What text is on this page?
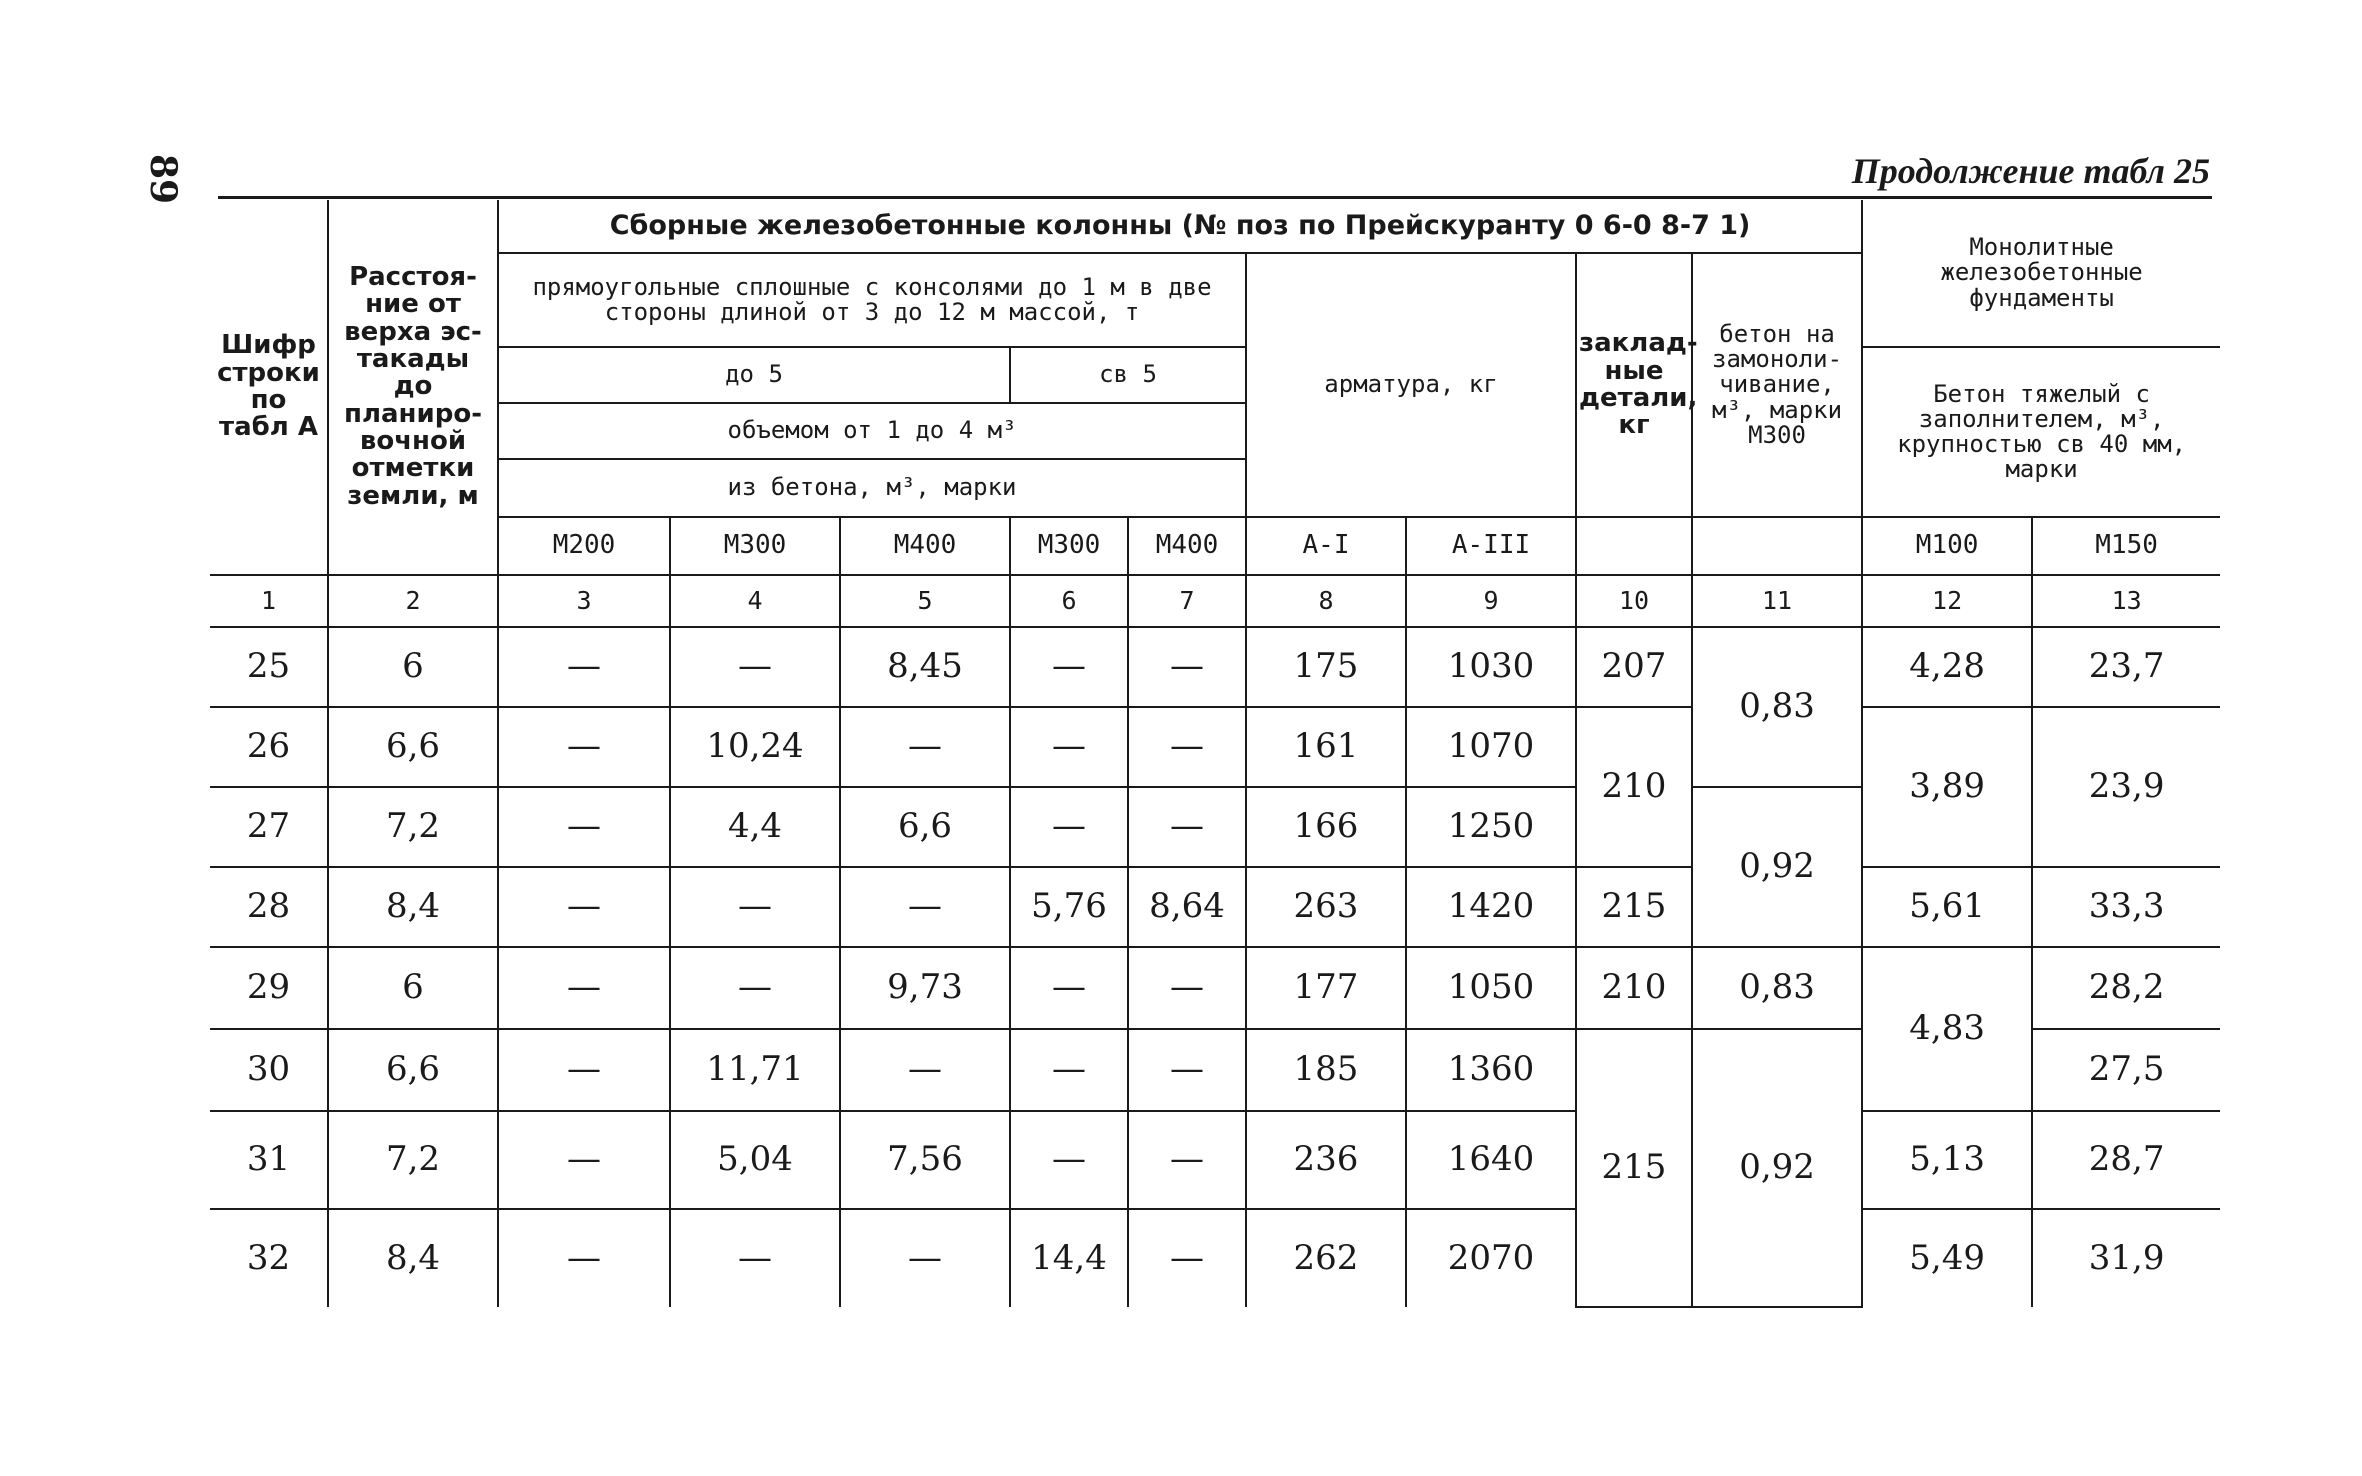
89	Продолжение табл 25
Шифр строки по табл А	Расстоя-ние от верха эс-такады до планиро-вочной отметки земли, м	Сборные железобетонные колонны (№ поз по Прейскуранту 0 6-0 8-7 1)									Монолитные железобетонные фундаменты	
		прямоугольные сплошные с консолями до 1 м в две стороны длиной от 3 до 12 м массой, т					арматура, кг		заклад-ные детали, кг	бетон на замоноли-чивание, м³, марки М300		
		до 5			св 5						Бетон тяжелый с заполнителем, м³, крупностью св 40 мм, марки	
		объемом от 1 до 4 м³										
		из бетона, м³, марки										
		М200	М300	М400	М300	М400	А-I	А-III			М100	М150
1	2	3	4	5	6	7	8	9	10	11	12	13
25	6	—	—	8,45	—	—	175	1030	207	0,83	4,28	23,7
26	6,6	—	10,24	—	—	—	161	1070	210		3,89	23,9
27	7,2	—	4,4	6,6	—	—	166	1250		0,92		
28	8,4	—	—	—	5,76	8,64	263	1420	215		5,61	33,3
29	6	—	—	9,73	—	—	177	1050	210	0,83	4,83	28,2
30	6,6	—	11,71	—	—	—	185	1360	215	0,92		27,5
31	7,2	—	5,04	7,56	—	—	236	1640			5,13	28,7
32	8,4	—	—	—	14,4	—	262	2070			5,49	31,9
